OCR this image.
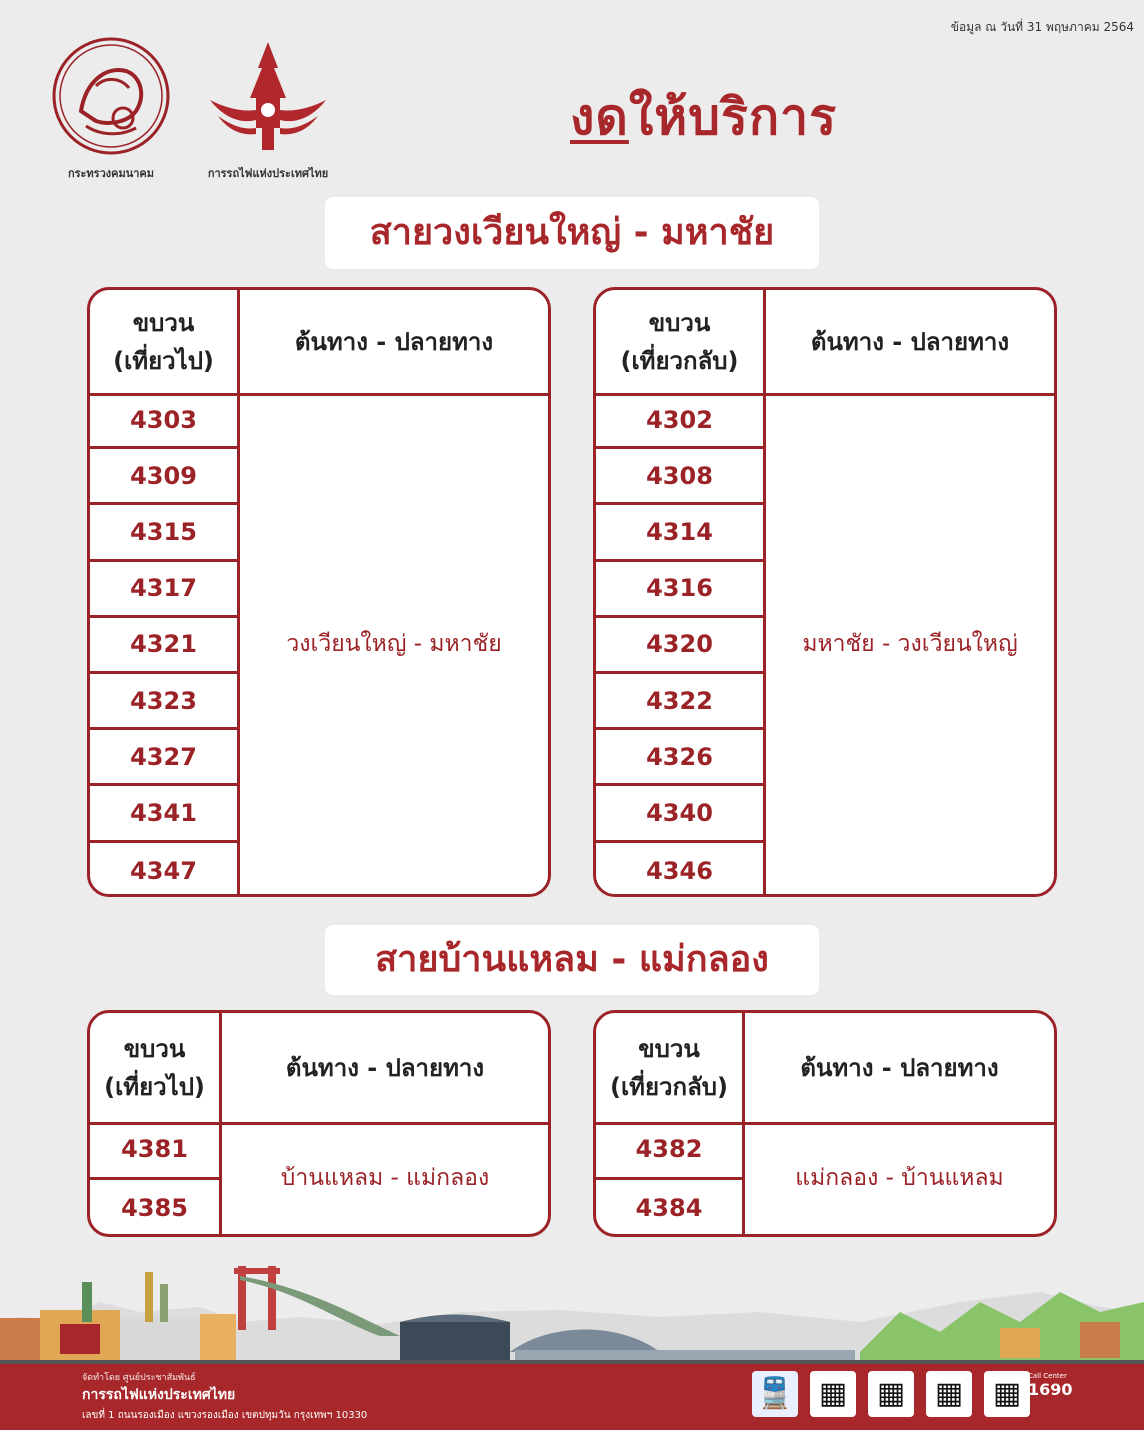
ข้อมูล ณ วันที่ 31 พฤษภาคม 2564
กระทรวงคมนาคม	การรถไฟแห่งประเทศไทย
งดให้บริการ
สายวงเวียนใหญ่ - มหาชัย
ขบวน
(เที่ยวไป)
ต้นทาง - ปลายทาง
4303
4309
4315
4317
4321
4323
4327
4341
4347
วงเวียนใหญ่ - มหาชัย
ขบวน
(เที่ยวกลับ)
ต้นทาง - ปลายทาง
4302
4308
4314
4316
4320
4322
4326
4340
4346
มหาชัย - วงเวียนใหญ่
สายบ้านแหลม - แม่กลอง
ขบวน
(เที่ยวไป)
ต้นทาง - ปลายทาง
4381
4385
บ้านแหลม - แม่กลอง
ขบวน
(เที่ยวกลับ)
ต้นทาง - ปลายทาง
4382
4384
แม่กลอง - บ้านแหลม
จัดทำโดย ศูนย์ประชาสัมพันธ์
การรถไฟแห่งประเทศไทย
เลขที่ 1 ถนนรองเมือง แขวงรองเมือง เขตปทุมวัน กรุงเทพฯ 10330
🚆 ▦ ▦ ▦ ▦ Call Center
1690
